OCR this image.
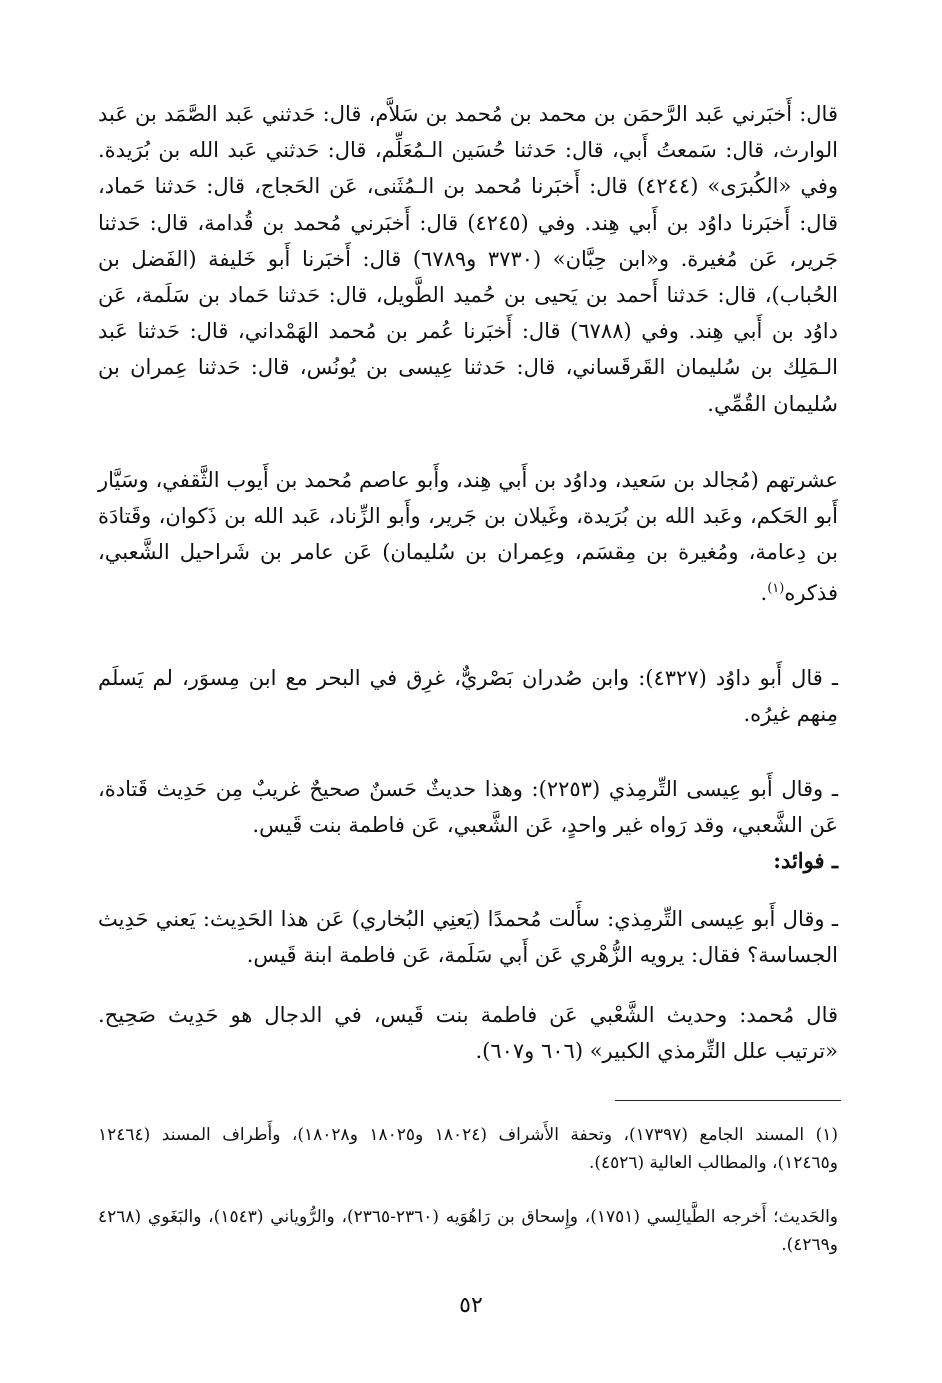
قال: أَخبَرني عَبد الرَّحمَن بن محمد بن مُحمد بن سَلاَّم، قال: حَدثني عَبد الصَّمَد بن عَبد الوارث، قال: سَمعتُ أَبي، قال: حَدثنا حُسَين الـمُعَلِّم، قال: حَدثني عَبد الله بن بُرَيدة. وفي «الكُبرَى» (٤٢٤٤) قال: أَخبَرنا مُحمد بن الـمُثَنى، عَن الحَجاج، قال: حَدثنا حَماد، قال: أَخبَرنا داوُد بن أَبي هِند. وفي (٤٢٤٥) قال: أَخبَرني مُحمد بن قُدامة، قال: حَدثنا جَرير، عَن مُغيرة. و«ابن حِبَّان» (٣٧٣٠ و٦٧٨٩) قال: أَخبَرنا أَبو خَليفة (الفَضل بن الحُباب)، قال: حَدثنا أَحمد بن يَحيى بن حُميد الطَّويل، قال: حَدثنا حَماد بن سَلَمة، عَن داوُد بن أَبي هِند. وفي (٦٧٨٨) قال: أَخبَرنا عُمر بن مُحمد الهَمْداني، قال: حَدثنا عَبد الـمَلِك بن سُليمان القَرقَساني، قال: حَدثنا عِيسى بن يُونُس، قال: حَدثنا عِمران بن سُليمان القُمِّي.

عشرتهم (مُجالد بن سَعيد، وداوُد بن أَبي هِند، وأَبو عاصم مُحمد بن أَيوب الثَّقفي، وسَيَّار أَبو الحَكم، وعَبد الله بن بُرَيدة، وغَيلان بن جَرير، وأَبو الزِّناد، عَبد الله بن ذَكوان، وقَتادَة بن دِعامة، ومُغيرة بن مِقسَم، وعِمران بن سُليمان) عَن عامر بن شَراحيل الشَّعبي، فذكره$^{(١)}$.

ـ قال أَبو داوُد (٤٣٢٧): وابن صُدران بَصْريٌّ، غرِق في البحر مع ابن مِسوَر، لم يَسلَم مِنهم غيرُه.

ـ وقال أَبو عِيسى التِّرمِذي (٢٢٥٣): وهذا حديثٌ حَسنٌ صحيحٌ غريبٌ مِن حَدِيث قَتادة، عَن الشَّعبي، وقد رَواه غير واحدٍ، عَن الشَّعبي، عَن فاطمة بنت قَيس.

ـ فوائد:

ـ وقال أَبو عِيسى التِّرمِذي: سأَلت مُحمدًا (يَعنِي البُخاري) عَن هذا الحَدِيث: يَعني حَدِيث الجساسة؟ فقال: يرويه الزُّهْري عَن أَبي سَلَمة، عَن فاطمة ابنة قَيس.

قال مُحمد: وحديث الشَّعْبي عَن فاطمة بنت قَيس، في الدجال هو حَدِيث صَحِيح. «ترتيب علل التِّرمذي الكبير» (٦٠٦ و٦٠٧).

(١) المسند الجامع (١٧٣٩٧)، وتحفة الأَشراف (١٨٠٢٤ و١٨٠٢٥ و١٨٠٢٨)، وأَطراف المسند (١٢٤٦٤ و١٢٤٦٥)، والمطالب العالية (٤٥٢٦).

والحَديث؛ أَخرجه الطَّيالِسي (١٧٥١)، وإِسحاق بن رَاهُوَيه (٢٣٦٠-٢٣٦٥)، والرُّوياني (١٥٤٣)، والبَغَوي (٤٢٦٨ و٤٢٦٩).

٥٢
